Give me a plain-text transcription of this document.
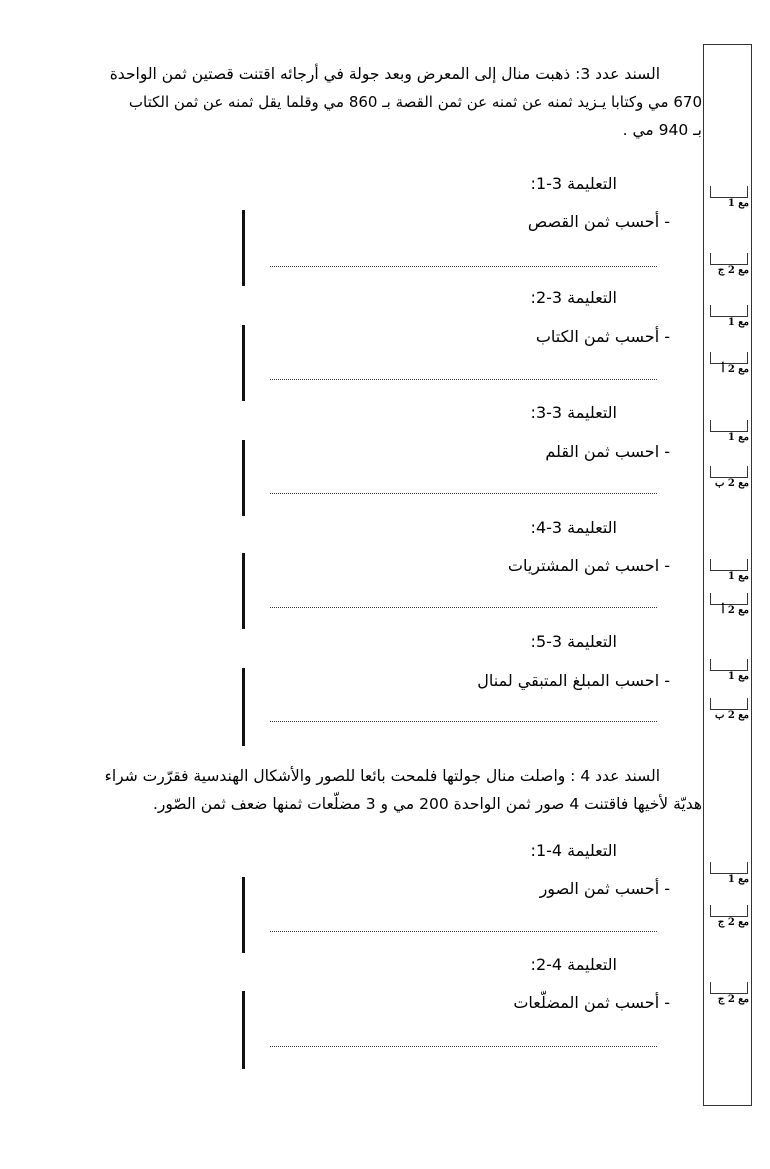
السند عدد 3: ذهبت منال إلى المعرض وبعد جولة في أرجائه اقتنت قصتين ثمن الواحدة
670 مي وكتابا يـزيد ثمنه عن ثمنه عن ثمن القصة بـ 860 مي وقلما يقل ثمنه عن ثمن الكتاب
بـ 940 مي .
التعليمة 3-1:
- أحسب ثمن القصص
التعليمة 3-2:
- أحسب ثمن الكتاب
التعليمة 3-3:
- احسب ثمن القلم
التعليمة 3-4:
- احسب ثمن المشتريات
التعليمة 3-5:
- احسب المبلغ المتبقي لمنال
السند عدد 4 : واصلت منال جولتها فلمحت بائعا للصور والأشكال الهندسية فقرّرت شراء
هديّة لأخيها فاقتنت 4 صور ثمن الواحدة 200 مي و 3 مضلّعات ثمنها ضعف ثمن الصّور.
التعليمة 4-1:
- أحسب ثمن الصور
التعليمة 4-2:
- أحسب ثمن المضلّعات
مع 1
مع 2 ج
مع 1
مع 2 أ
مع 1
مع 2 ب
مع 1
مع 2 أ
مع 1
مع 2 ب
مع 1
مع 2 ج
مع 2 ج
